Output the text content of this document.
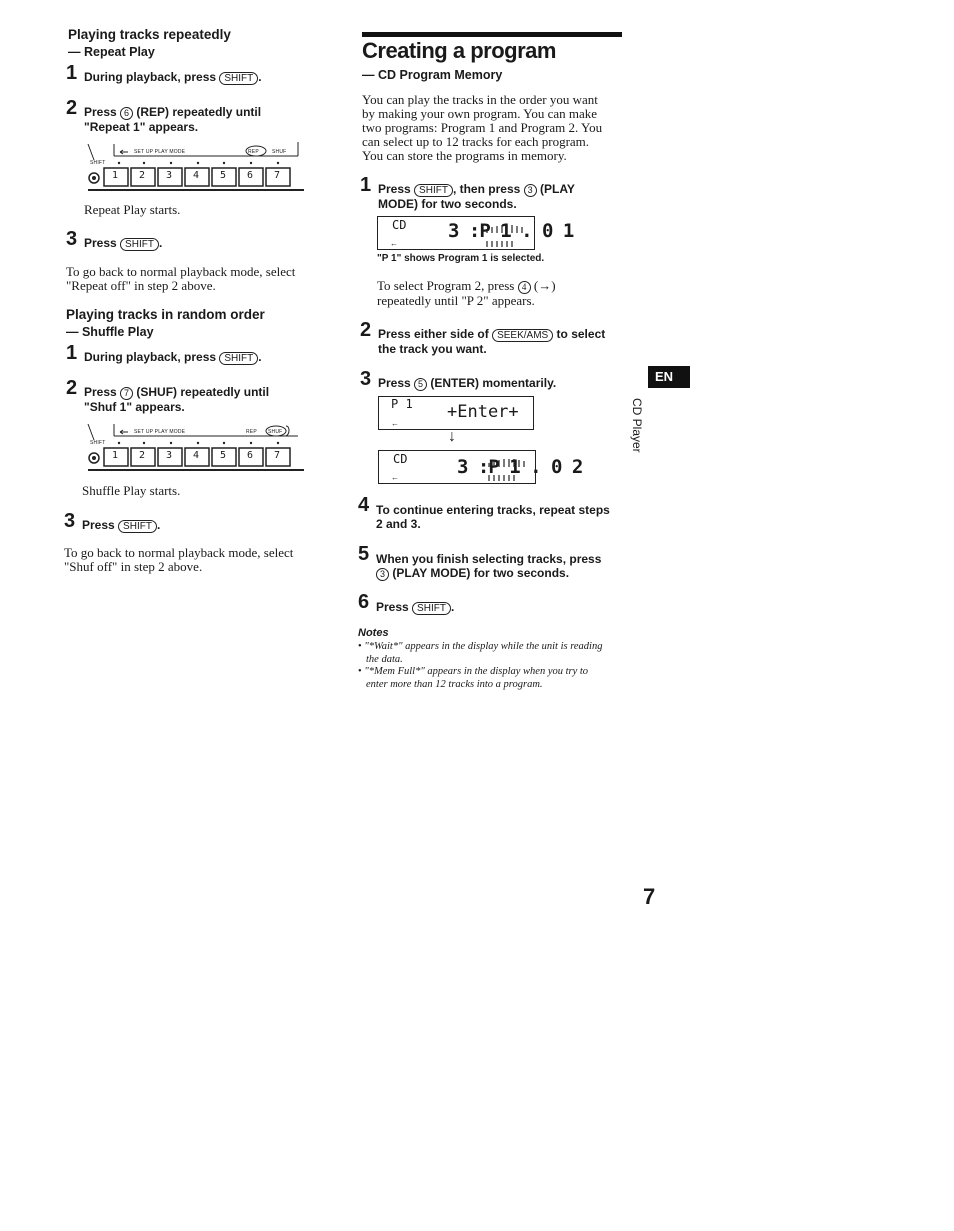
Playing tracks repeatedly
— Repeat Play
1 During playback, press SHIFT .
2 Press 6 (REP) repeatedly until
"Repeat 1" appears.
SHIFT
SET UP PLAY MODE	REP	SHUF
1 2 3 4 5 6 7
Repeat Play starts.
3 Press SHIFT .
To go back to normal playback mode, select
"Repeat off" in step 2 above.
Playing tracks in random order
— Shuffle Play
1 During playback, press SHIFT .
2 Press 7 (SHUF) repeatedly until
"Shuf 1" appears.
SHIFT
SET UP PLAY MODE	REP SHUF
1 2 3 4 5 6 7
Shuffle Play starts.
3 Press SHIFT .
To go back to normal playback mode, select
"Shuf off" in step 2 above.
Creating a program
— CD Program Memory
You can play the tracks in the order you want
by making your own program. You can make
two programs: Program 1 and Program 2. You
can select up to 12 tracks for each program.
You can store the programs in memory.
1 Press SHIFT , then press 3 (PLAY
MODE) for two seconds.
CD 3 :P 1 . 0 1
←
"P 1" shows Program 1 is selected.
To select Program 2, press 4 (→)
repeatedly until "P 2" appears.
2 Press either side of SEEK/AMS to select
the track you want.
3 Press 5 (ENTER) momentarily.
P 1 +Enter+
←
↓
CD	3 :P 1 . 0 2
←
4 To continue entering tracks, repeat steps
2 and 3.
5 When you finish selecting tracks, press
3 (PLAY MODE) for two seconds.
6 Press SHIFT .
Notes
• "*Wait*" appears in the display while the unit is reading
the data.
• "*Mem Full*" appears in the display when you try to
enter more than 12 tracks into a program.
EN
CD Player
7
